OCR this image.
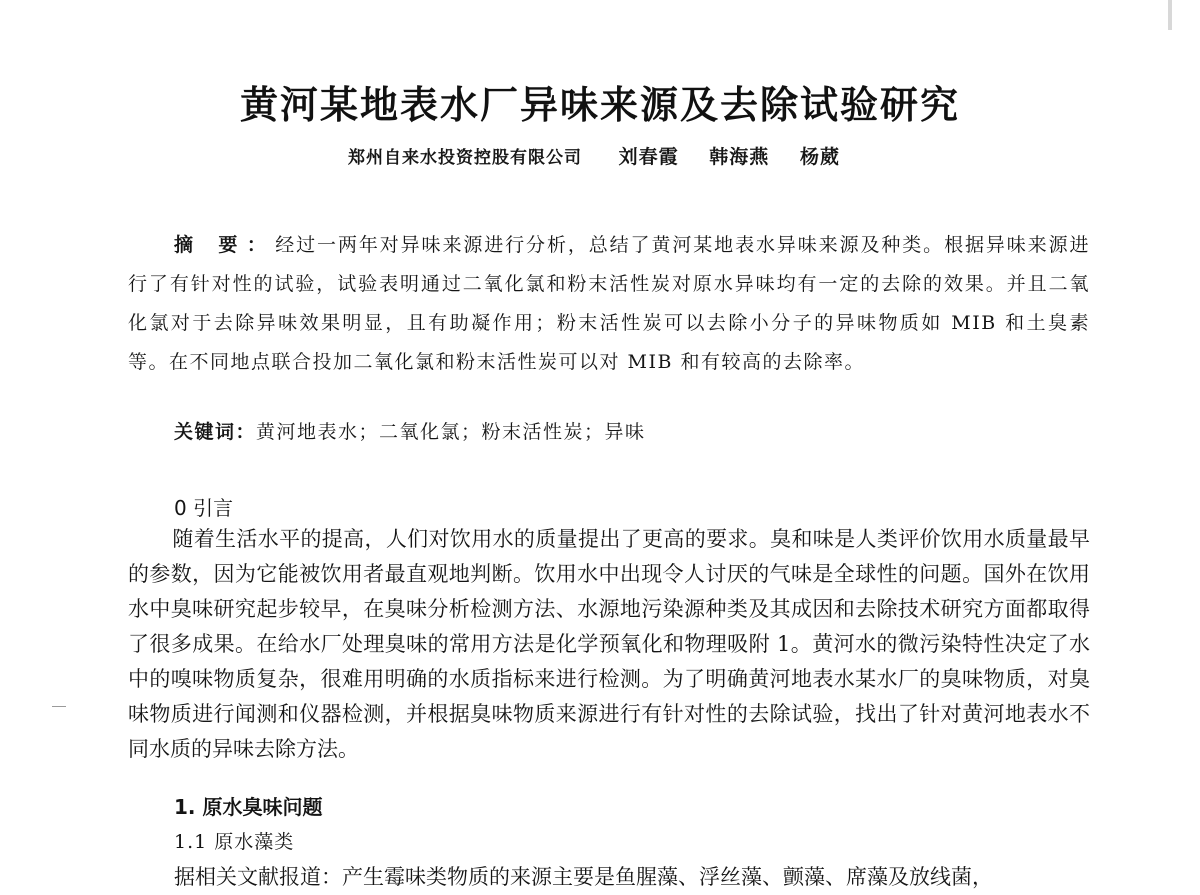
黄河某地表水厂异味来源及去除试验研究
郑州自来水投资控股有限公司 刘春霞 韩海燕 杨葳
摘 要：经过一两年对异味来源进行分析，总结了黄河某地表水异味来源及种类。根据异味来源进行了有针对性的试验，试验表明通过二氧化氯和粉末活性炭对原水异味均有一定的去除的效果。并且二氧化氯对于去除异味效果明显，且有助凝作用；粉末活性炭可以去除小分子的异味物质如 MIB 和土臭素等。在不同地点联合投加二氧化氯和粉末活性炭可以对 MIB 和有较高的去除率。
关键词：黄河地表水；二氧化氯；粉末活性炭；异味
0 引言
随着生活水平的提高，人们对饮用水的质量提出了更高的要求。臭和味是人类评价饮用水质量最早的参数，因为它能被饮用者最直观地判断。饮用水中出现令人讨厌的气味是全球性的问题。国外在饮用水中臭味研究起步较早，在臭味分析检测方法、水源地污染源种类及其成因和去除技术研究方面都取得了很多成果。在给水厂处理臭味的常用方法是化学预氧化和物理吸附 1。黄河水的微污染特性决定了水中的嗅味物质复杂，很难用明确的水质指标来进行检测。为了明确黄河地表水某水厂的臭味物质，对臭味物质进行闻测和仪器检测，并根据臭味物质来源进行有针对性的去除试验，找出了针对黄河地表水不同水质的异味去除方法。
1. 原水臭味问题
1.1 原水藻类
据相关文献报道：产生霉味类物质的来源主要是鱼腥藻、浮丝藻、颤藻、席藻及放线菌，
